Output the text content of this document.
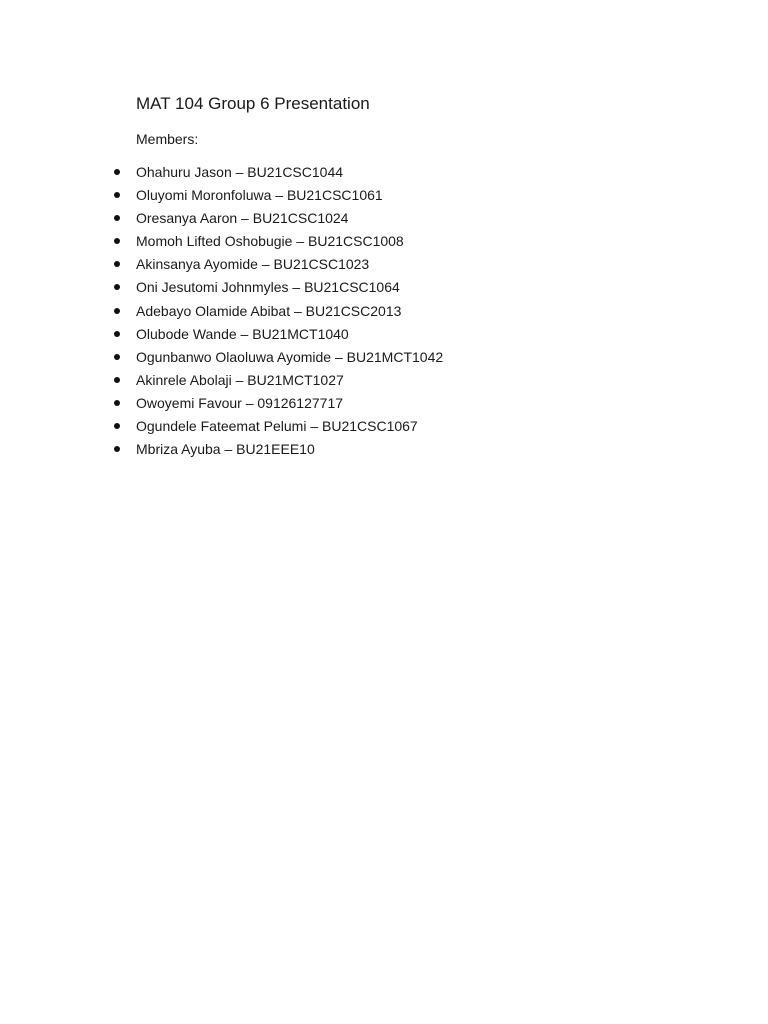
MAT 104 Group 6 Presentation

Members:

Ohahuru Jason – BU21CSC1044
Oluyomi Moronfoluwa – BU21CSC1061
Oresanya Aaron – BU21CSC1024
Momoh Lifted Oshobugie – BU21CSC1008
Akinsanya Ayomide – BU21CSC1023
Oni Jesutomi Johnmyles – BU21CSC1064
Adebayo Olamide Abibat – BU21CSC2013
Olubode Wande – BU21MCT1040
Ogunbanwo Olaoluwa Ayomide – BU21MCT1042
Akinrele Abolaji – BU21MCT1027
Owoyemi Favour – 09126127717
Ogundele Fateemat Pelumi – BU21CSC1067
Mbriza Ayuba – BU21EEE10
